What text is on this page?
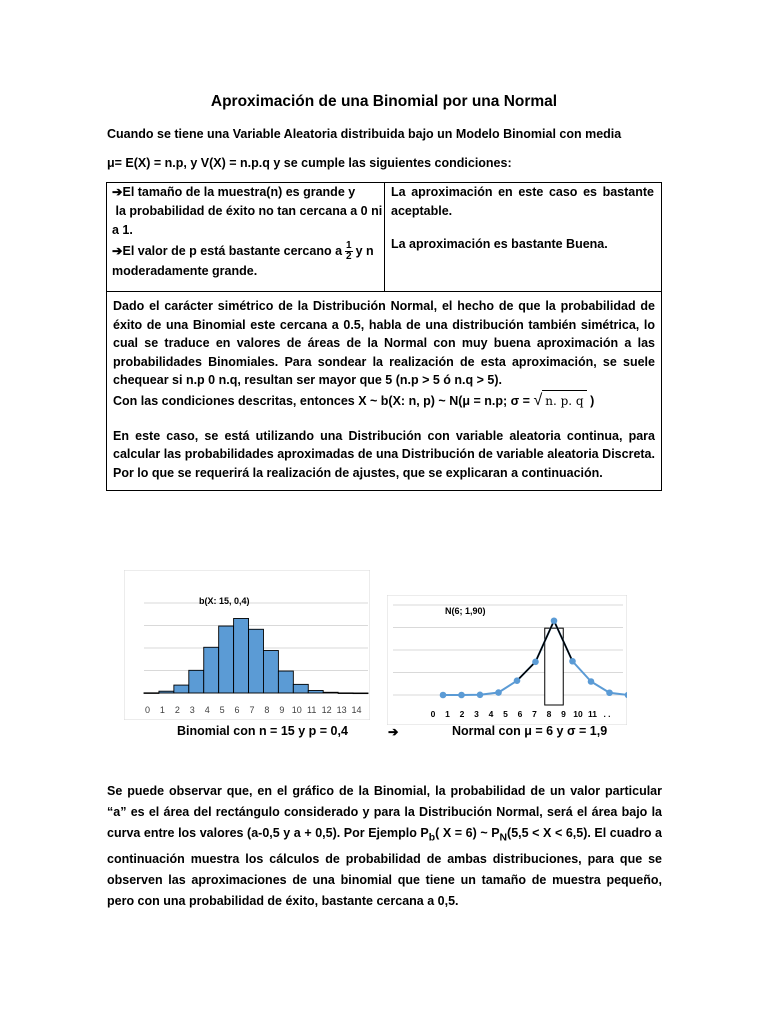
Aproximación de una Binomial por una Normal
Cuando se tiene una Variable Aleatoria distribuida bajo un Modelo Binomial con media
μ= E(X) = n.p, y V(X) = n.p.q y se cumple las siguientes condiciones:
➔El tamaño de la muestra(n) es grande y
la probabilidad de éxito no tan cercana a 0 ni
a 1.
➔El valor de p está bastante cercano a $\frac{1}{2}$ y n
moderadamente grande.
La aproximación en este caso es bastante aceptable.
La aproximación es bastante Buena.
Dado el carácter simétrico de la Distribución Normal, el hecho de que la probabilidad de éxito de una Binomial este cercana a 0.5, habla de una distribución también simétrica, lo cual se traduce en valores de áreas de la Normal con muy buena aproximación a las probabilidades Binomiales. Para sondear la realización de esta aproximación, se suele chequear si n.p 0 n.q, resultan ser mayor que 5 (n.p > 5 ó n.q > 5).
Con las condiciones descritas, entonces X ~ b(X: n, p) ~ N(μ = n.p; σ = √ n. p. q )
En este caso, se está utilizando una Distribución con variable aleatoria continua, para calcular las probabilidades aproximadas de una Distribución de variable aleatoria Discreta. Por lo que se requerirá la realización de ajustes, que se explicaran a continuación.
b(X: 15, 0,4)
0 1 2 3 4 5 6 7 8 9 10 11 12 13 14
N(6; 1,90)
0 1 2 3 4 5 6 7 8 9 10 11 . .
Binomial con n = 15 y p = 0,4	➔	Normal con μ = 6 y σ = 1,9
Se puede observar que, en el gráfico de la Binomial, la probabilidad de un valor particular “a” es el área del rectángulo considerado y para la Distribución Normal, será el área bajo la curva entre los valores (a-0,5 y a + 0,5). Por Ejemplo $P_b$( X = 6) ~ $P_N(5,5 < X < 6,5)$. El cuadro a continuación muestra los cálculos de probabilidad de ambas distribuciones, para que se observen las aproximaciones de una binomial que tiene un tamaño de muestra pequeño, pero con una probabilidad de éxito, bastante cercana a 0,5.
